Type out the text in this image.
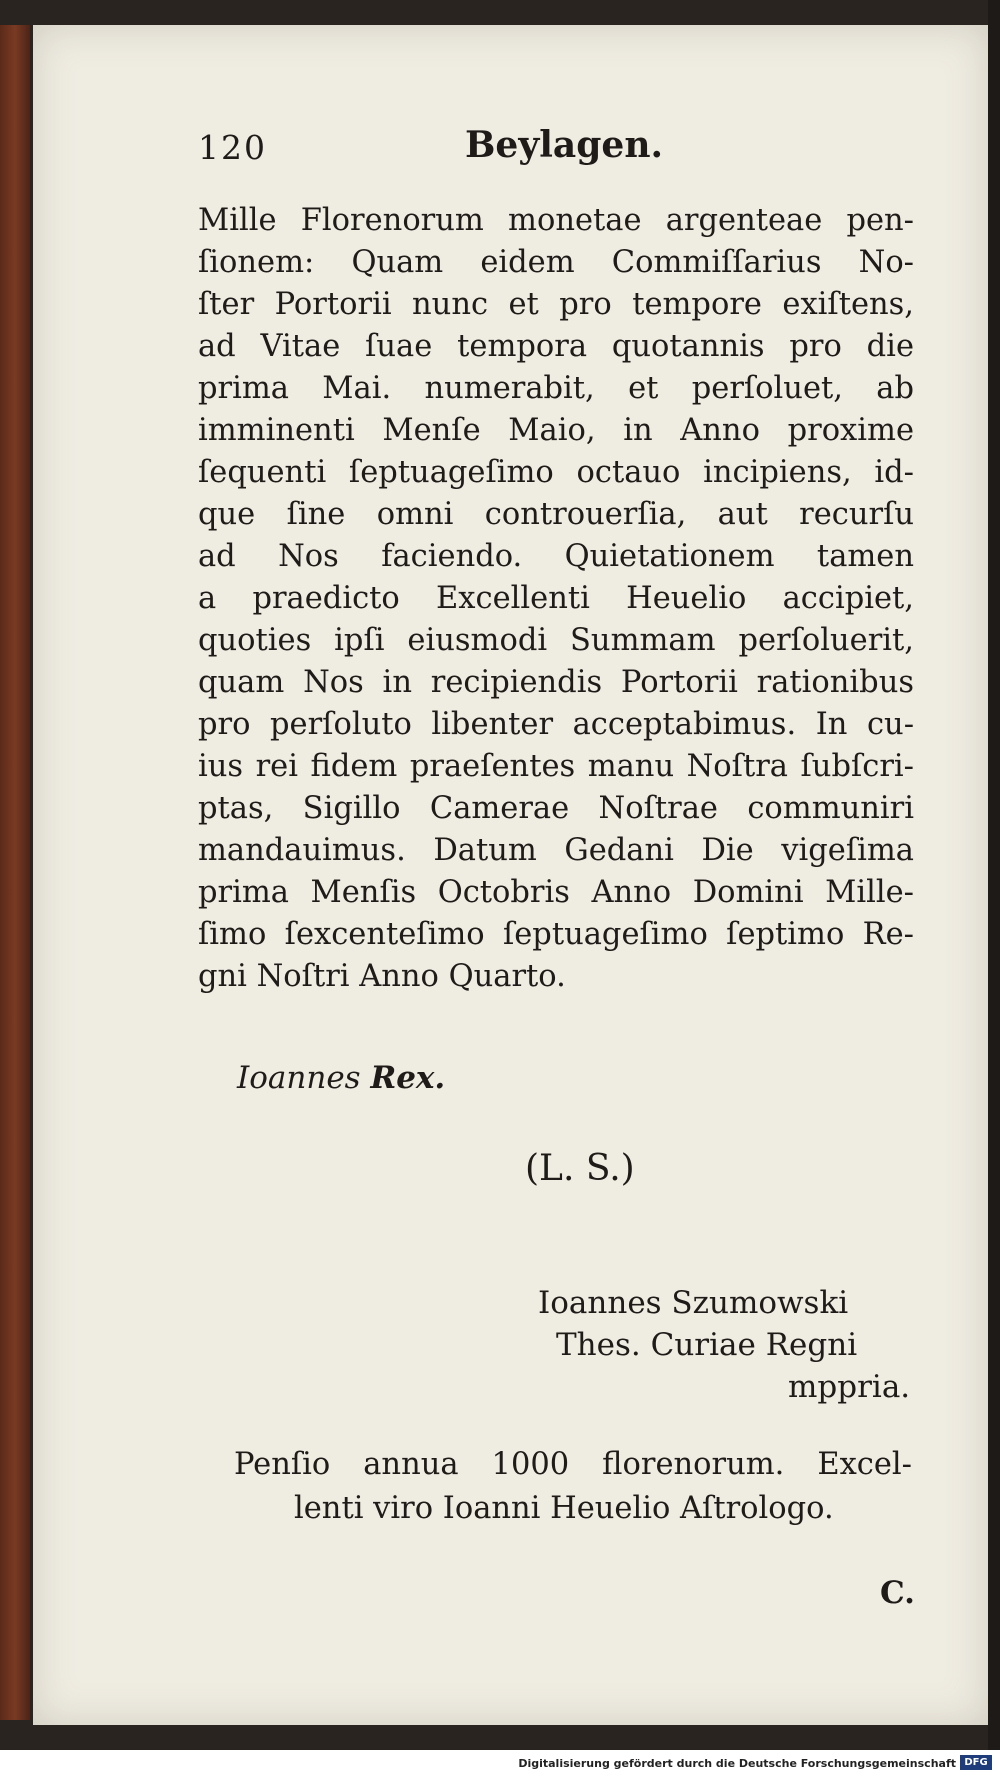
120	Beylagen.
Mille Florenorum monetae argenteae pen-
ſionem: Quam eidem Commiſſarius No-
ſter Portorii nunc et pro tempore exiſtens,
ad Vitae ſuae tempora quotannis pro die
prima Mai. numerabit, et perſoluet, ab
imminenti Menſe Maio, in Anno proxime
ſequenti ſeptuageſimo octauo incipiens, id-
que ſine omni controuerſia, aut recurſu
ad Nos faciendo. Quietationem tamen
a praedicto Excellenti Heuelio accipiet,
quoties ipſi eiusmodi Summam perſoluerit,
quam Nos in recipiendis Portorii rationibus
pro perſoluto libenter acceptabimus. In cu-
ius rei fidem praeſentes manu Noſtra ſubſcri-
ptas, Sigillo Camerae Noſtrae communiri
mandauimus. Datum Gedani Die vigeſima
prima Menſis Octobris Anno Domini Mille-
ſimo ſexcenteſimo ſeptuageſimo ſeptimo Re-
gni Noſtri Anno Quarto.
Ioannes Rex.
(L. S.)
Ioannes Szumowski
Thes. Curiae Regni
mppria.
Penſio annua 1000 florenorum. Excel-
lenti viro Ioanni Heuelio Aſtrologo.
C.
Digitalisierung gefördert durch die Deutsche Forschungsgemeinschaft DFG
